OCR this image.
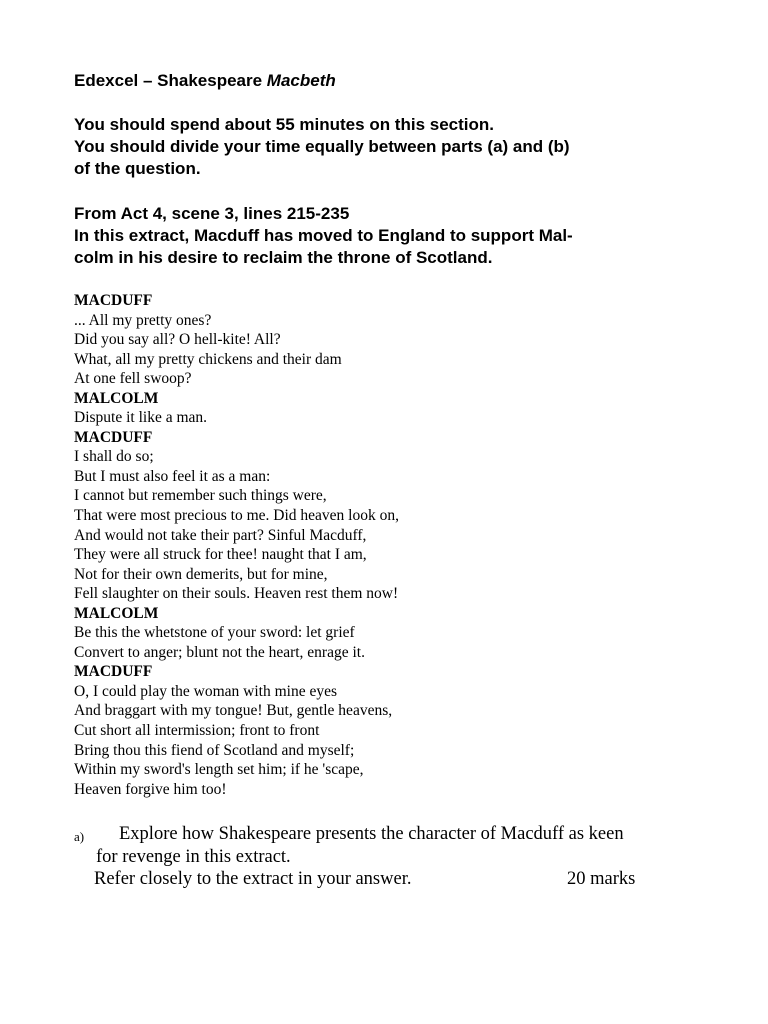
Edexcel – Shakespeare Macbeth
You should spend about 55 minutes on this section.
You should divide your time equally between parts (a) and (b)
of the question.
From Act 4, scene 3, lines 215-235
In this extract, Macduff has moved to England to support Mal-
colm in his desire to reclaim the throne of Scotland.
MACDUFF
... All my pretty ones?
Did you say all? O hell-kite! All?
What, all my pretty chickens and their dam
At one fell swoop?
MALCOLM
Dispute it like a man.
MACDUFF
I shall do so;
But I must also feel it as a man:
I cannot but remember such things were,
That were most precious to me. Did heaven look on,
And would not take their part? Sinful Macduff,
They were all struck for thee! naught that I am,
Not for their own demerits, but for mine,
Fell slaughter on their souls. Heaven rest them now!
MALCOLM
Be this the whetstone of your sword: let grief
Convert to anger; blunt not the heart, enrage it.
MACDUFF
O, I could play the woman with mine eyes
And braggart with my tongue! But, gentle heavens,
Cut short all intermission; front to front
Bring thou this fiend of Scotland and myself;
Within my sword's length set him; if he 'scape,
Heaven forgive him too!
a) Explore how Shakespeare presents the character of Macduff as keen
for revenge in this extract.
Refer closely to the extract in your answer.	20 marks
